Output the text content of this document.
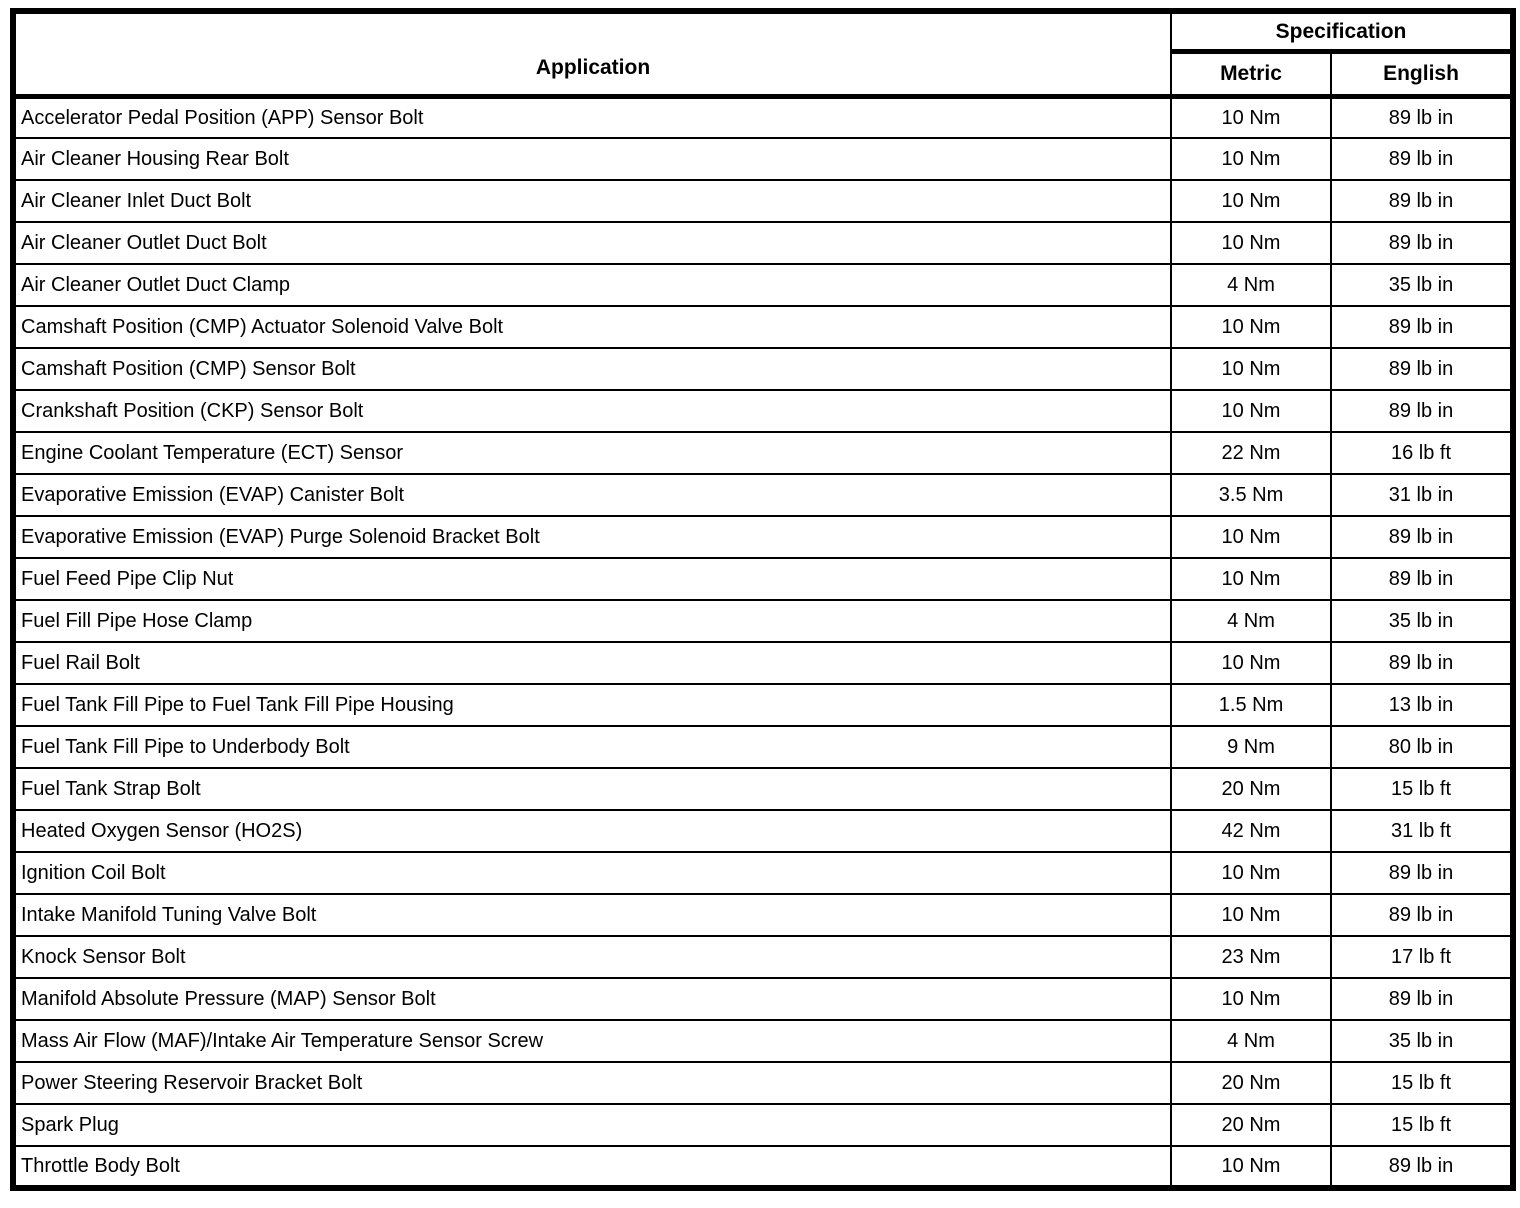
Application	Specification	
	Metric	English
Accelerator Pedal Position (APP) Sensor Bolt	10 Nm	89 lb in
Air Cleaner Housing Rear Bolt	10 Nm	89 lb in
Air Cleaner Inlet Duct Bolt	10 Nm	89 lb in
Air Cleaner Outlet Duct Bolt	10 Nm	89 lb in
Air Cleaner Outlet Duct Clamp	4 Nm	35 lb in
Camshaft Position (CMP) Actuator Solenoid Valve Bolt	10 Nm	89 lb in
Camshaft Position (CMP) Sensor Bolt	10 Nm	89 lb in
Crankshaft Position (CKP) Sensor Bolt	10 Nm	89 lb in
Engine Coolant Temperature (ECT) Sensor	22 Nm	16 lb ft
Evaporative Emission (EVAP) Canister Bolt	3.5 Nm	31 lb in
Evaporative Emission (EVAP) Purge Solenoid Bracket Bolt	10 Nm	89 lb in
Fuel Feed Pipe Clip Nut	10 Nm	89 lb in
Fuel Fill Pipe Hose Clamp	4 Nm	35 lb in
Fuel Rail Bolt	10 Nm	89 lb in
Fuel Tank Fill Pipe to Fuel Tank Fill Pipe Housing	1.5 Nm	13 lb in
Fuel Tank Fill Pipe to Underbody Bolt	9 Nm	80 lb in
Fuel Tank Strap Bolt	20 Nm	15 lb ft
Heated Oxygen Sensor (HO2S)	42 Nm	31 lb ft
Ignition Coil Bolt	10 Nm	89 lb in
Intake Manifold Tuning Valve Bolt	10 Nm	89 lb in
Knock Sensor Bolt	23 Nm	17 lb ft
Manifold Absolute Pressure (MAP) Sensor Bolt	10 Nm	89 lb in
Mass Air Flow (MAF)/Intake Air Temperature Sensor Screw	4 Nm	35 lb in
Power Steering Reservoir Bracket Bolt	20 Nm	15 lb ft
Spark Plug	20 Nm	15 lb ft
Throttle Body Bolt	10 Nm	89 lb in
